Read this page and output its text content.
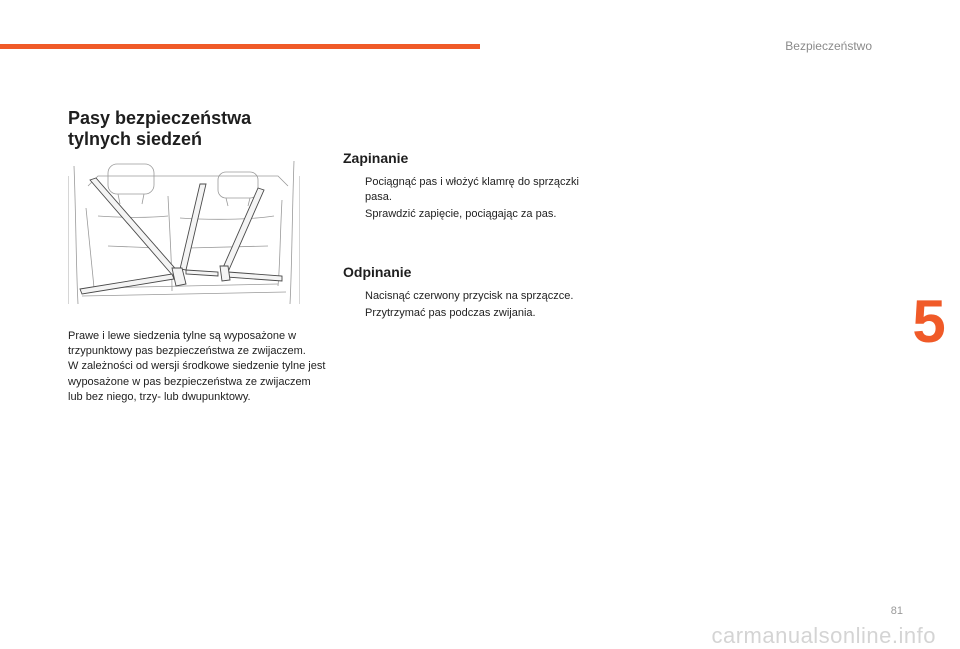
Bezpieczeństwo
5
Pasy bezpieczeństwa
tylnych siedzeń

Prawe i lewe siedzenia tylne są wyposażone w trzypunktowy pas bezpieczeństwa ze zwijaczem.
W zależności od wersji środkowe siedzenie tylne jest wyposażone w pas bezpieczeństwa ze zwijaczem lub bez niego, trzy- lub dwupunktowy.

Zapinanie
Pociągnąć pas i włożyć klamrę do sprzączki pasa.
Sprawdzić zapięcie, pociągając za pas.
Odpinanie
Nacisnąć czerwony przycisk na sprzączce.
Przytrzymać pas podczas zwijania.
81
carmanualsonline.info
